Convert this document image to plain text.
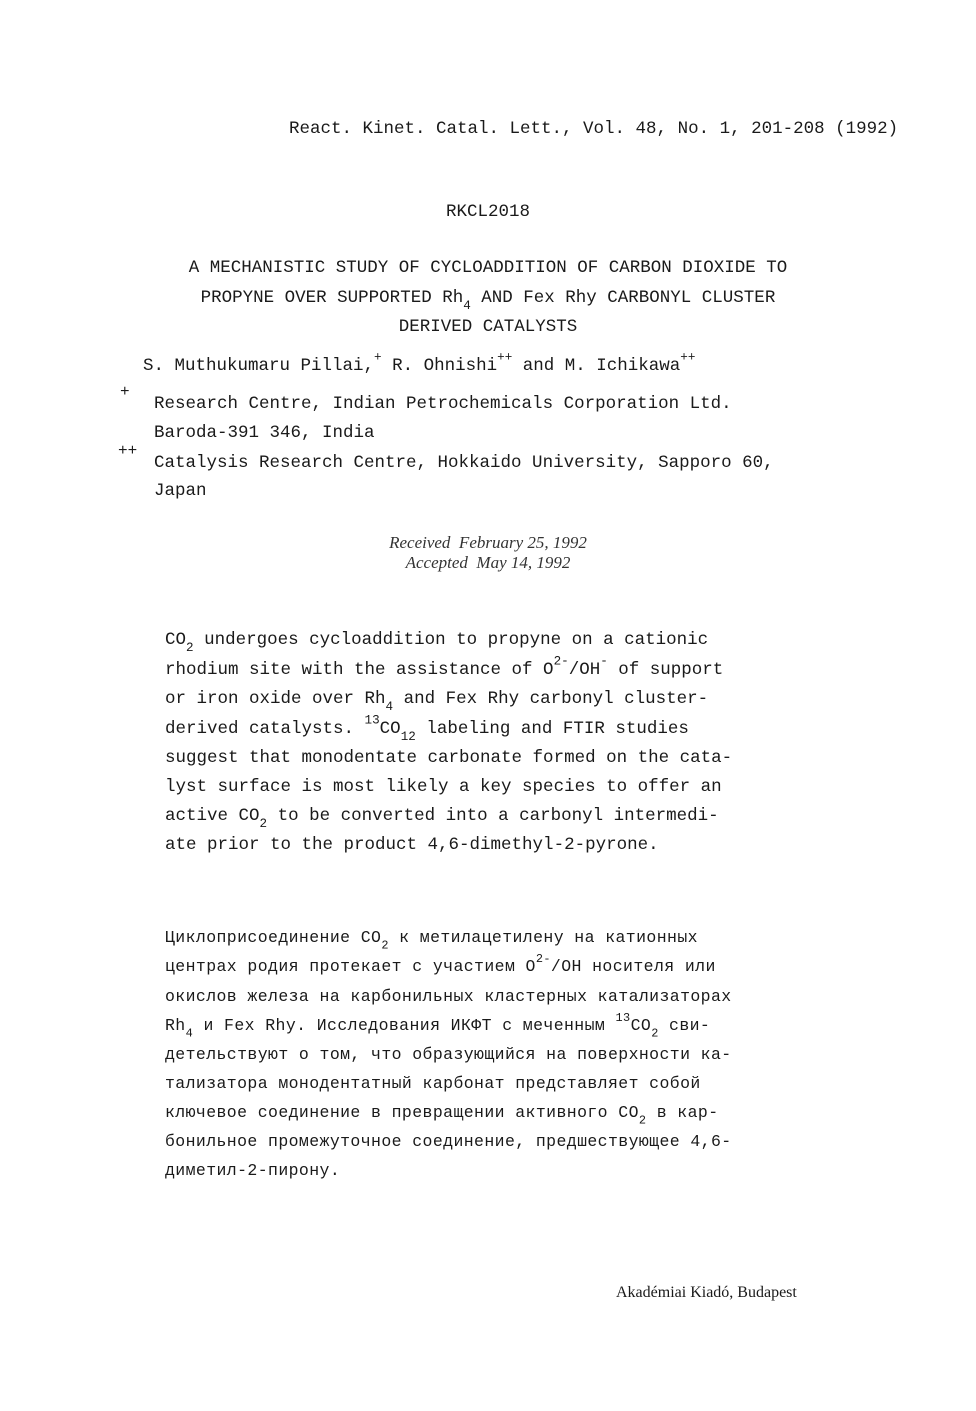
React. Kinet. Catal. Lett., Vol. 48, No. 1, 201-208 (1992)
RKCL2018
A MECHANISTIC STUDY OF CYCLOADDITION OF CARBON DIOXIDE TO
PROPYNE OVER SUPPORTED $Rh_4$ AND Fex Rhy CARBONYL CLUSTER
DERIVED CATALYSTS
S. Muthukumaru Pillai,+ R. Ohnishi++ and M. Ichikawa++
+
Research Centre, Indian Petrochemicals Corporation Ltd.
Baroda-391 346, India
++
Catalysis Research Centre, Hokkaido University, Sapporo 60,
Japan
Received  February 25, 1992
Accepted  May 14, 1992
$CO_2$ undergoes cycloaddition to propyne on a cationic
rhodium site with the assistance of $O^{2-}/OH^-$ of support
or iron oxide over $Rh_4$ and Fex Rhy carbonyl cluster-
derived catalysts. $^{13}CO_{12}$ labeling and FTIR studies
suggest that monodentate carbonate formed on the cata-
lyst surface is most likely a key species to offer an
active $CO_2$ to be converted into a carbonyl intermedi-
ate prior to the product 4,6-dimethyl-2-pyrone.
Циклоприсоединение $CO_2$ к метилацетилену на катионных
центрах родия протекает с участием $O^{2-}/OH$ носителя или
окислов железа на карбонильных кластерных катализаторах
$Rh_4$ и Fex Rhy. Исследования ИКФТ с меченным $^{13}CO_2$ сви-
детельствуют о том, что образующийся на поверхности ка-
тализатора монодентатный карбонат представляет собой
ключевое соединение в превращении активного $CO_2$ в кар-
бонильное промежуточное соединение, предшествующее 4,6-
диметил-2-пирону.
Akadémiai Kiadó, Budapest
